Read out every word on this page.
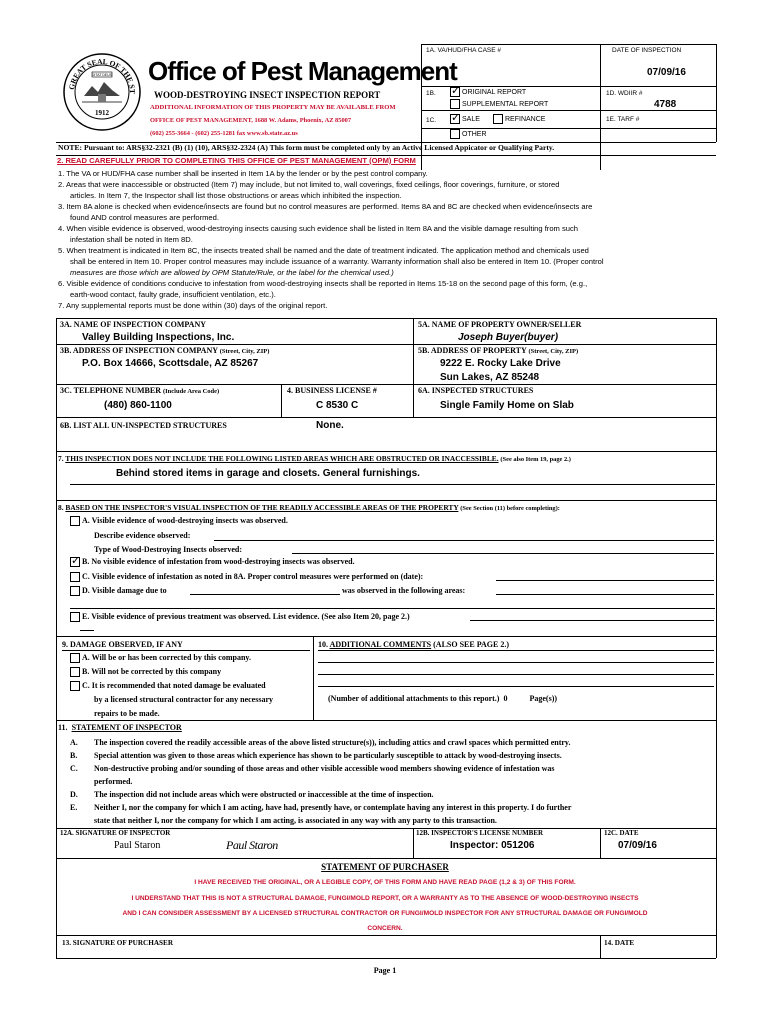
GREAT SEAL OF THE ST
DITAT DEUS
1912
Office of Pest Management
WOOD-DESTROYING INSECT INSPECTION REPORT
ADDITIONAL INFORMATION OF THIS PROPERTY MAY BE AVAILABLE FROM
OFFICE OF PEST MANAGEMENT, 1688 W. Adams, Phoenix, AZ 85007
(602) 255-3664 - (602) 255-1281 fax www.sb.state.az.us
1A. VA/HUD/FHA CASE #	DATE OF INSPECTION
07/09/16
1B. ✓	ORIGINAL REPORT
SUPPLEMENTAL REPORT
1C. ✓	SALE	REFINANCE
OTHER
1D. WDIIR #
4788
1E. TARF #
NOTE: Pursuant to: ARS§32-2321 (B) (1) (10), ARS§32-2324 (A) This form must be completed only by an Active Licensed Appicator or Qualifying Party.
2. READ CAREFULLY PRIOR TO COMPLETING THIS OFFICE OF PEST MANAGEMENT (OPM) FORM
1. The VA or HUD/FHA case number shall be inserted in Item 1A by the lender or by the pest control company.
2. Areas that were inaccessible or obstructed (Item 7) may include, but not limited to, wall coverings, fixed ceilings, floor coverings, furniture, or stored
articles. In Item 7, the Inspector shall list those obstructions or areas which inhibited the inspection.
3. Item 8A alone is checked when evidence/insects are found but no control measures are performed. Items 8A and 8C are checked when evidence/insects are
found AND control measures are performed.
4. When visible evidence is observed, wood-destroying insects causing such evidence shall be listed in Item 8A and the visible damage resulting from such
infestation shall be noted in Item 8D.
5. When treatment is indicated in Item 8C, the insects treated shall be named and the date of treatment indicated. The application method and chemicals used
shall be entered in Item 10. Proper control measures may include issuance of a warranty. Warranty information shall also be entered in Item 10. (Proper control
measures are those which are allowed by OPM Statute/Rule, or the label for the chemical used.)
6. Visible evidence of conditions conducive to infestation from wood-destroying insects shall be reported in Items 15-18 on the second page of this form, (e.g.,
earth-wood contact, faulty grade, insufficient ventilation, etc.).
7. Any supplemental reports must be done within (30) days of the original report.
3A. NAME OF INSPECTION COMPANY
Valley Building Inspections, Inc.
3B. ADDRESS OF INSPECTION COMPANY (Street, City, ZIP)
P.O. Box 14666, Scottsdale, AZ 85267
3C. TELEPHONE NUMBER (Include Area Code)
(480) 860-1100
4. BUSINESS LICENSE #
C 8530 C
5A. NAME OF PROPERTY OWNER/SELLER
Joseph Buyer(buyer)
5B. ADDRESS OF PROPERTY (Street, City, ZIP)
9222 E. Rocky Lake Drive
Sun Lakes, AZ 85248
6A. INSPECTED STRUCTURES
Single Family Home on Slab
6B. LIST ALL UN-INSPECTED STRUCTURES	None.
7. THIS INSPECTION DOES NOT INCLUDE THE FOLLOWING LISTED AREAS WHICH ARE OBSTRUCTED OR INACCESSIBLE. (See also Item 19, page 2.)
Behind stored items in garage and closets. General furnishings.
8. BASED ON THE INSPECTOR'S VISUAL INSPECTION OF THE READILY ACCESSIBLE AREAS OF THE PROPERTY (See Section (11) before completing):
A. Visible evidence of wood-destroying insects was observed.
Describe evidence observed:
Type of Wood-Destroying Insects observed:
✓B. No visible evidence of infestation from wood-destroying insects was observed.
C. Visible evidence of infestation as noted in 8A. Proper control measures were performed on (date):
D. Visible damage due to	was observed in the following areas:
E. Visible evidence of previous treatment was observed. List evidence. (See also Item 20, page 2.)
9. DAMAGE OBSERVED, IF ANY
A. Will be or has been corrected by this company.
B. Will not be corrected by this company
C. It is recommended that noted damage be evaluated
by a licensed structural contractor for any necessary
repairs to be made.
10. ADDITIONAL COMMENTS (ALSO SEE PAGE 2.)
(Number of additional attachments to this report.) 0	Page(s))
11. STATEMENT OF INSPECTOR
A. The inspection covered the readily accessible areas of the above listed structure(s)), including attics and crawl spaces which permitted entry.
B. Special attention was given to those areas which experience has shown to be particularly susceptible to attack by wood-destroying insects.
C. Non-destructive probing and/or sounding of those areas and other visible accessible wood members showing evidence of infestation was
performed.
D. The inspection did not include areas which were obstructed or inaccessible at the time of inspection.
E. Neither I, nor the company for which I am acting, have had, presently have, or contemplate having any interest in this property. I do further
state that neither I, nor the company for which I am acting, is associated in any way with any party to this transaction.
12A. SIGNATURE OF INSPECTOR
Paul Staron	Paul Staron
12B. INSPECTOR'S LICENSE NUMBER
Inspector: 051206
12C. DATE
07/09/16
STATEMENT OF PURCHASER
I HAVE RECEIVED THE ORIGINAL, OR A LEGIBLE COPY, OF THIS FORM AND HAVE READ PAGE (1,2 & 3) OF THIS FORM.
I UNDERSTAND THAT THIS IS NOT A STRUCTURAL DAMAGE, FUNGI/MOLD REPORT, OR A WARRANTY AS TO THE ABSENCE OF WOOD-DESTROYING INSECTS
AND I CAN CONSIDER ASSESSMENT BY A LICENSED STRUCTURAL CONTRACTOR OR FUNGI/MOLD INSPECTOR FOR ANY STRUCTURAL DAMAGE OR FUNGI/MOLD
CONCERN.
13. SIGNATURE OF PURCHASER	14. DATE
Page 1
